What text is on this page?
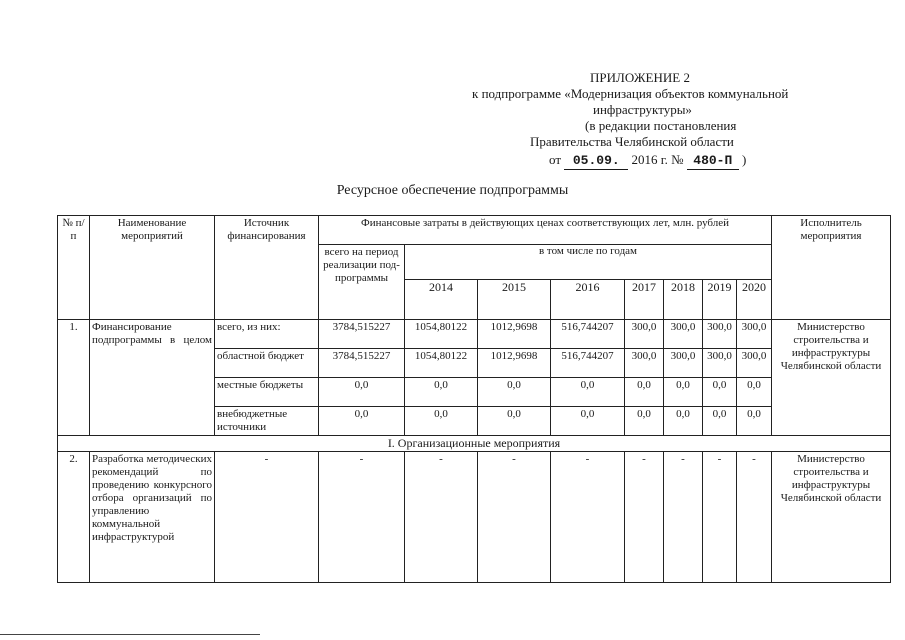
ПРИЛОЖЕНИЕ 2
к подпрограмме «Модернизация объектов коммунальной
инфраструктуры»
(в редакции постановления
Правительства Челябинской области
от 05.09. 2016 г. № 480-П )
Ресурсное обеспечение подпрограммы
№ п/п	Наименование мероприятий	Источник финансирования	Финансовые затраты в действующих ценах соответствующих лет, млн. рублей								Исполнитель мероприятия
			всего на период реализации под-программы	в том числе по годам							
				2014	2015	2016	2017	2018	2019	2020	
1.	Финансирование подпрограммы в целом	всего, из них:	3784,515227	1054,80122	1012,9698	516,744207	300,0	300,0	300,0	300,0	Министерство строительства и инфраструктуры Челябинской области
		областной бюджет	3784,515227	1054,80122	1012,9698	516,744207	300,0	300,0	300,0	300,0	
		местные бюджеты	0,0	0,0	0,0	0,0	0,0	0,0	0,0	0,0	
		внебюджетные источники	0,0	0,0	0,0	0,0	0,0	0,0	0,0	0,0	
I. Организационные мероприятия											
2.	Разработка методических рекомендаций по проведению конкурсного отбора организаций по управлению коммунальной инфраструктурой	-	-	-	-	-	-	-	-	-	Министерство строительства и инфраструктуры Челябинской области
